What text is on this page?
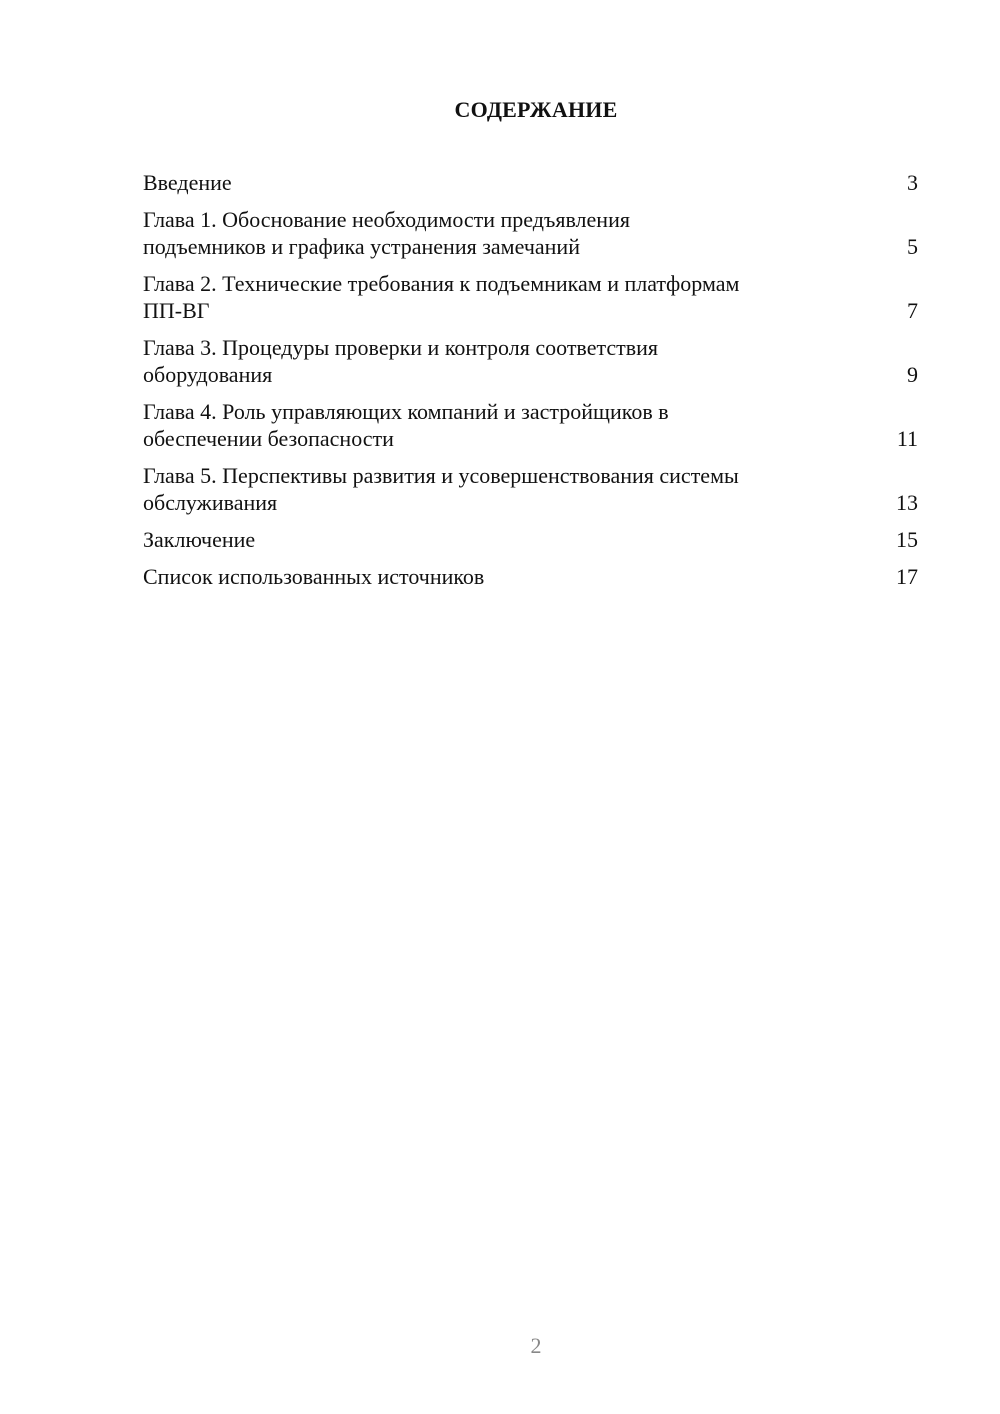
СОДЕРЖАНИЕ
Введение	3
Глава 1. Обоснование необходимости предъявления
подъемников и графика устранения замечаний	5
Глава 2. Технические требования к подъемникам и платформам
ПП-ВГ	7
Глава 3. Процедуры проверки и контроля соответствия
оборудования	9
Глава 4. Роль управляющих компаний и застройщиков в
обеспечении безопасности	11
Глава 5. Перспективы развития и усовершенствования системы
обслуживания	13
Заключение	15
Список использованных источников	17
2
